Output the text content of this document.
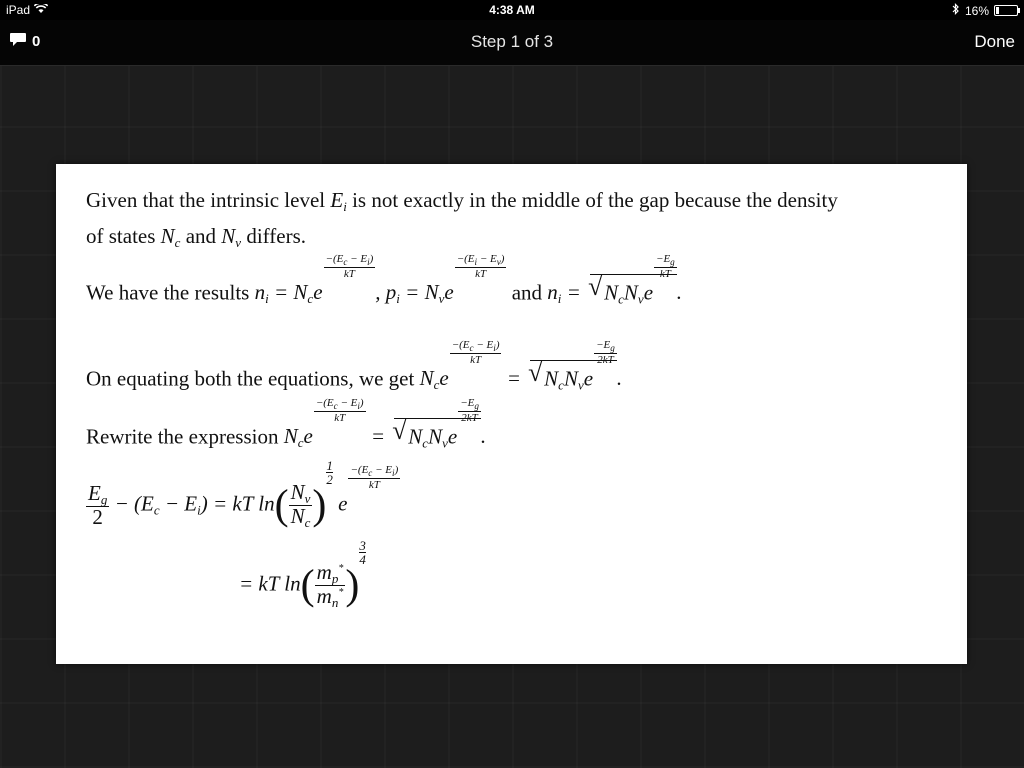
iPad	4:38 AM	16%
0	Step 1 of 3	Done
Given that the intrinsic level $E_i$ is not exactly in the middle of the gap because the density
of states $N_c$ and $N_v$ differs.
We have the results $n_i = N_ce$
$\frac{-(E_c - E_i)}{kT}$
, $p_i = N_ve$
$\frac{-(E_i - E_v)}{kT}$
and $n_i$ = √ $N_cN_ve$
$\frac{-E_g}{kT}$
.
On equating both the equations, we get $N_ce$
$\frac{-(E_c - E_i)}{kT}$
= √ $N_cN_ve$
$\frac{-E_g}{2kT}$
.
Rewrite the expression $N_ce$
$\frac{-(E_c - E_i)}{kT}$
= √ $N_cN_ve$
$\frac{-E_g}{2kT}$
.
$\frac{E_g}{2} - (E_c - E_i)$ = kT $\ln( \frac{N_v}{N_c} )\frac{1}{2}$
e
$\frac{-(E_c - E_i)}{kT}$
= kT $\ln( \frac{m_p^*}{m_n^*} )\frac{3}{4}$
